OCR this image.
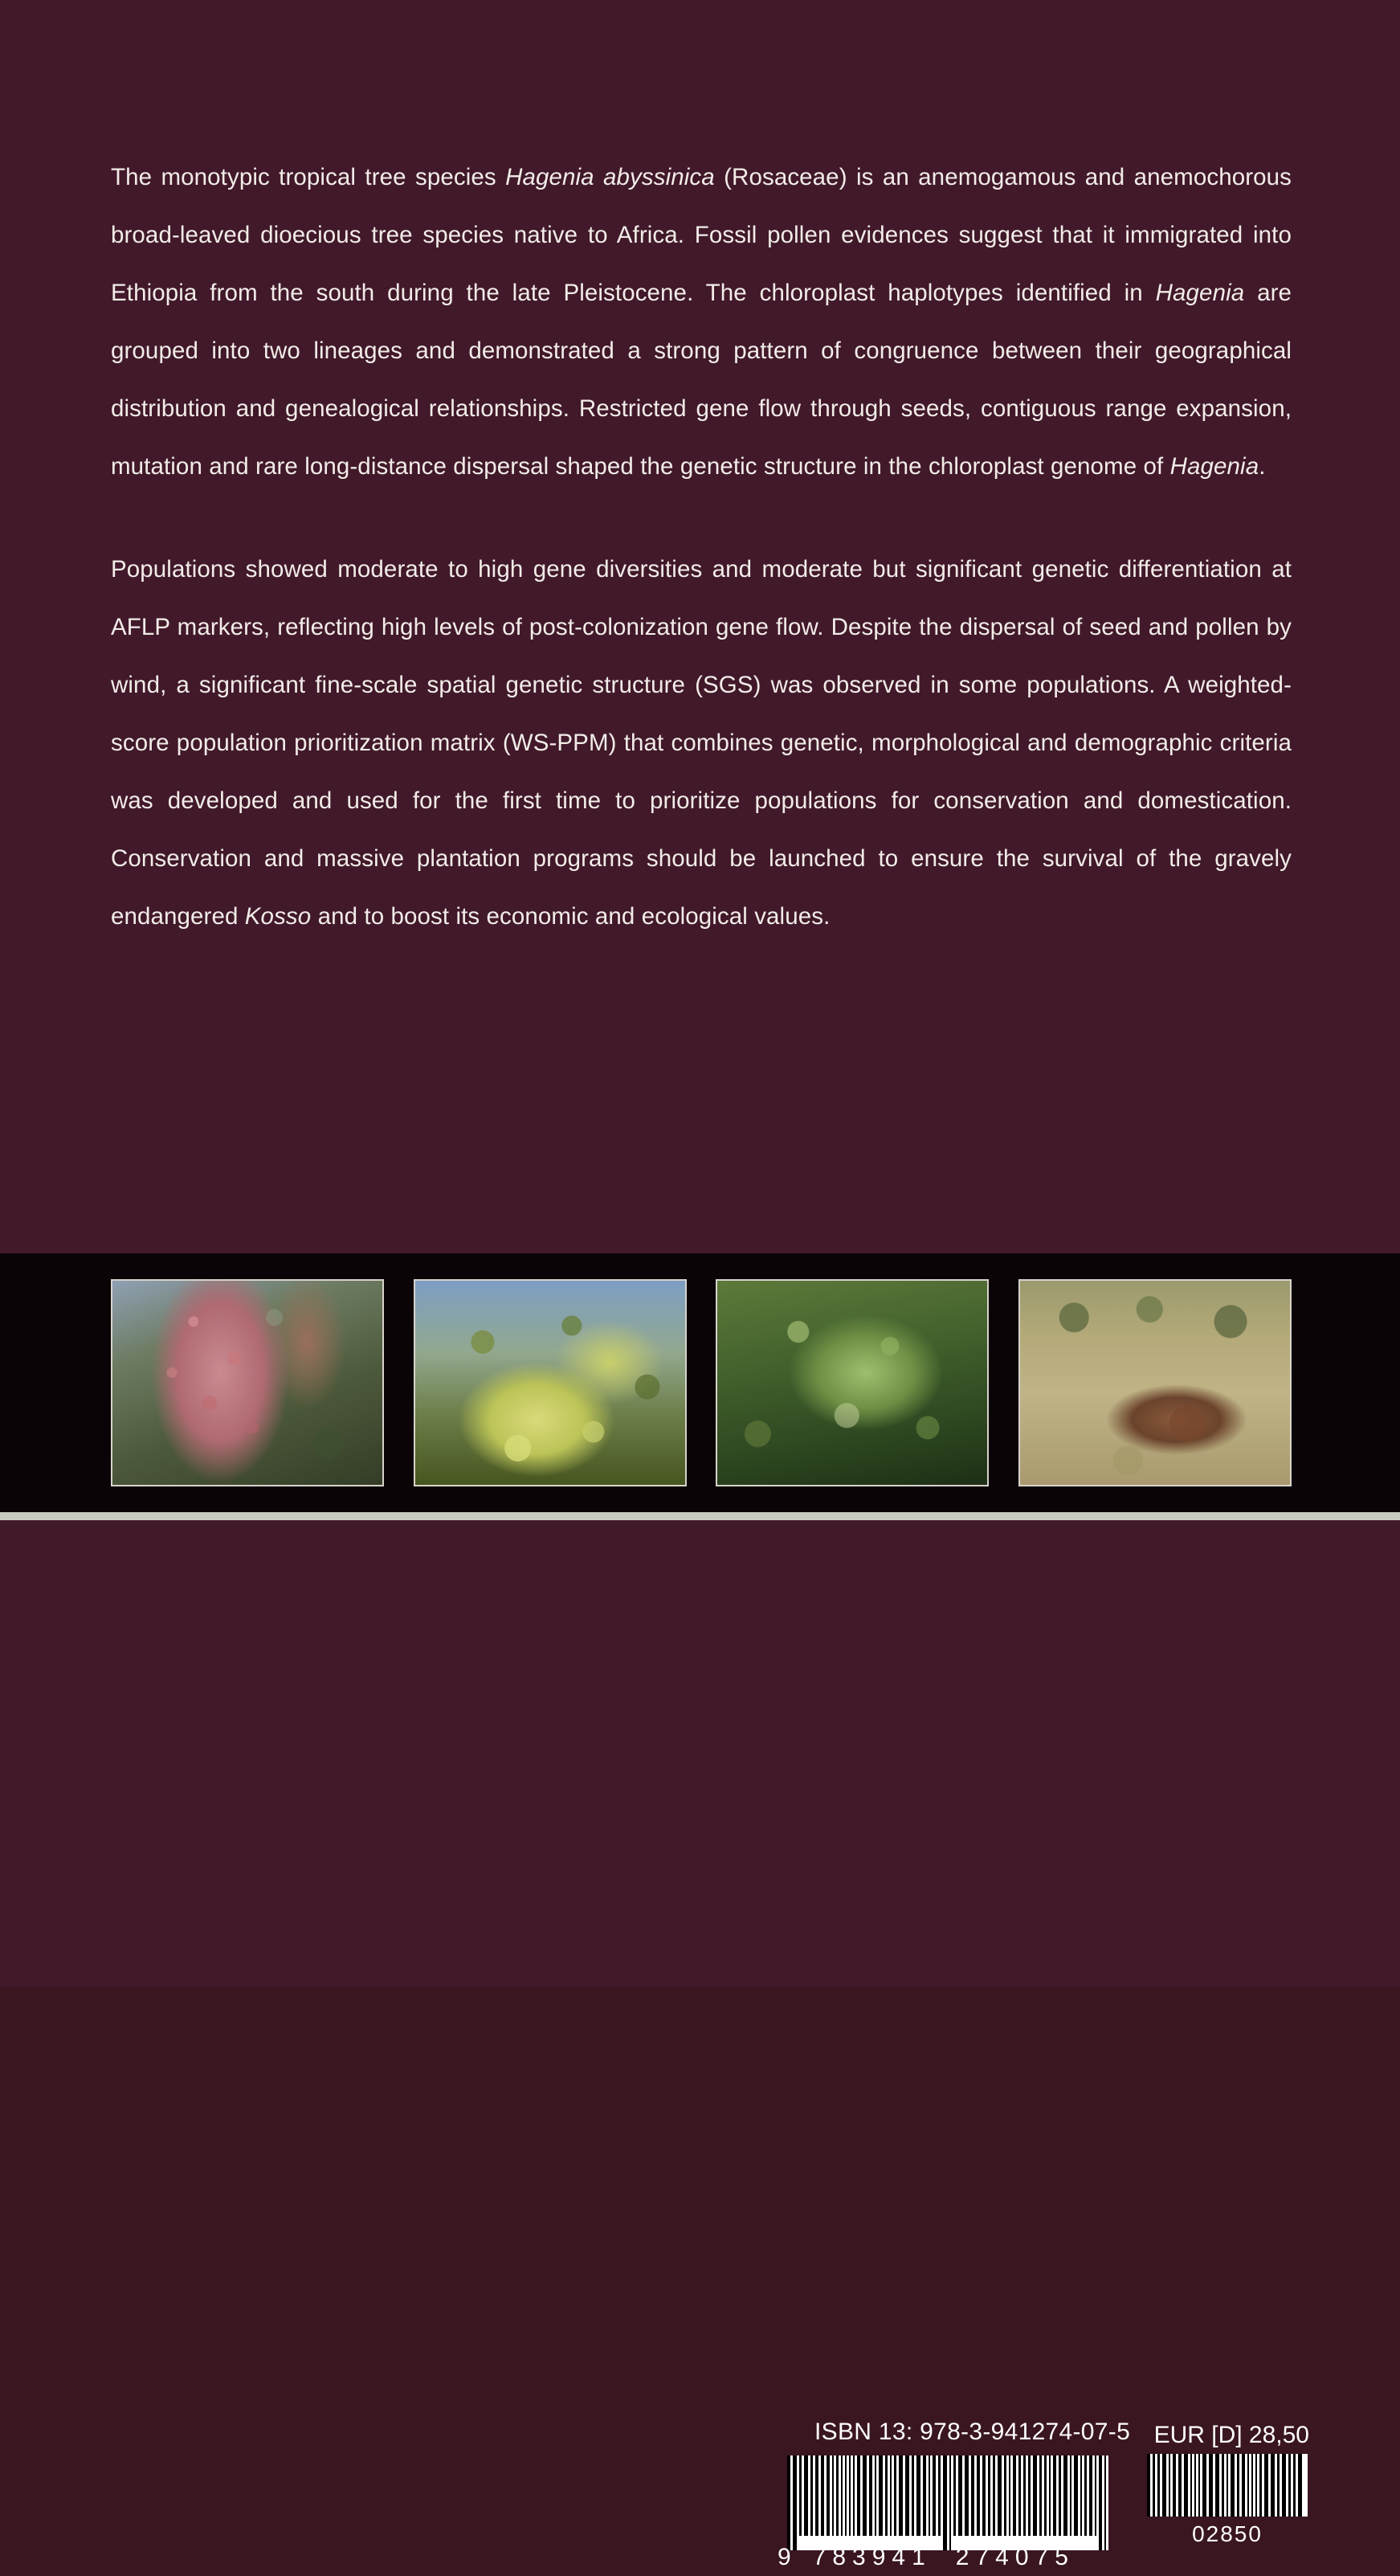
The monotypic tropical tree species Hagenia abyssinica (Rosaceae) is an anemogamous and anemochorous broad-leaved dioecious tree species native to Africa. Fossil pollen evidences suggest that it immigrated into Ethiopia from the south during the late Pleistocene. The chloroplast haplotypes identified in Hagenia are grouped into two lineages and demonstrated a strong pattern of congruence between their geographical distribution and genealogical relationships. Restricted gene flow through seeds, contiguous range expansion, mutation and rare long-distance dispersal shaped the genetic structure in the chloroplast genome of Hagenia.

Populations showed moderate to high gene diversities and moderate but significant genetic differentiation at AFLP markers, reflecting high levels of post-colonization gene flow. Despite the dispersal of seed and pollen by wind, a significant fine-scale spatial genetic structure (SGS) was observed in some populations. A weighted-score population prioritization matrix (WS-PPM) that combines genetic, morphological and demographic criteria was developed and used for the first time to prioritize populations for conservation and domestication. Conservation and massive plantation programs should be launched to ensure the survival of the gravely endangered Kosso and to boost its economic and ecological values.

ISBN 13: 978-3-941274-07-5
9 783941 274075
EUR [D] 28,50
02850
